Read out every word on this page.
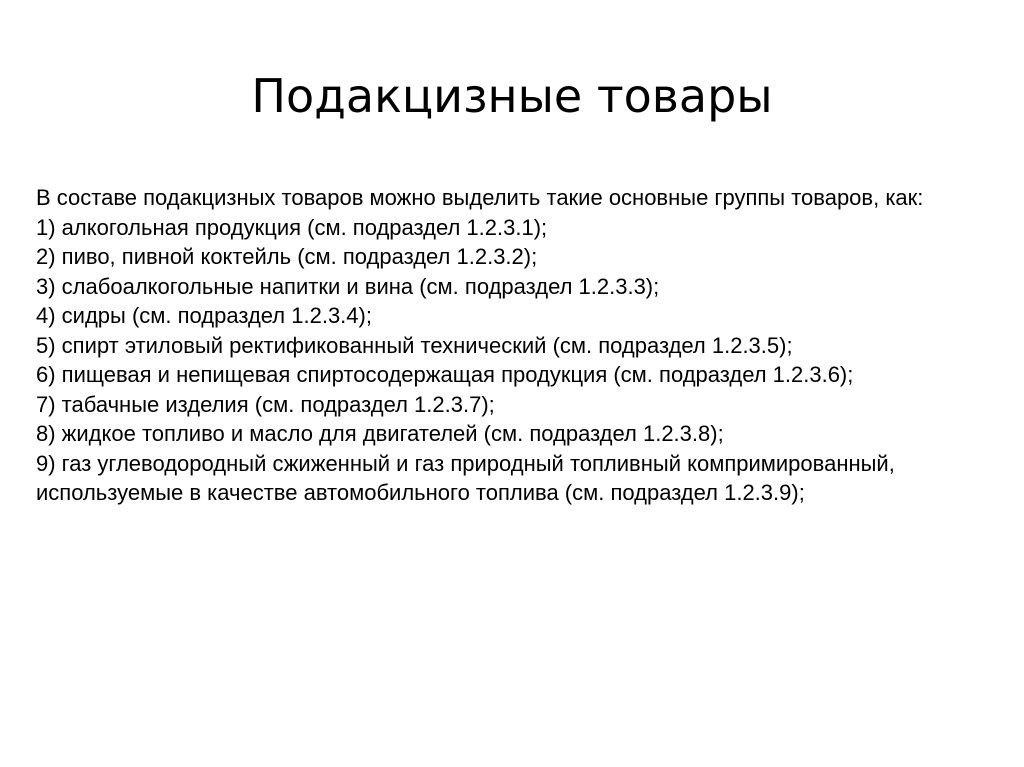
Подакцизные товары

В составе подакцизных товаров можно выделить такие основные группы товаров, как:

1) алкогольная продукция (см. подраздел 1.2.3.1);

2) пиво, пивной коктейль (см. подраздел 1.2.3.2);

3) слабоалкогольные напитки и вина (см. подраздел 1.2.3.3);

4) сидры (см. подраздел 1.2.3.4);

5) спирт этиловый ректификованный технический (см. подраздел 1.2.3.5);

6) пищевая и непищевая спиртосодержащая продукция (см. подраздел 1.2.3.6);

7) табачные изделия (см. подраздел 1.2.3.7);

8) жидкое топливо и масло для двигателей (см. подраздел 1.2.3.8);

9) газ углеводородный сжиженный и газ природный топливный компримированный, используемые в качестве автомобильного топлива (см. подраздел 1.2.3.9);
